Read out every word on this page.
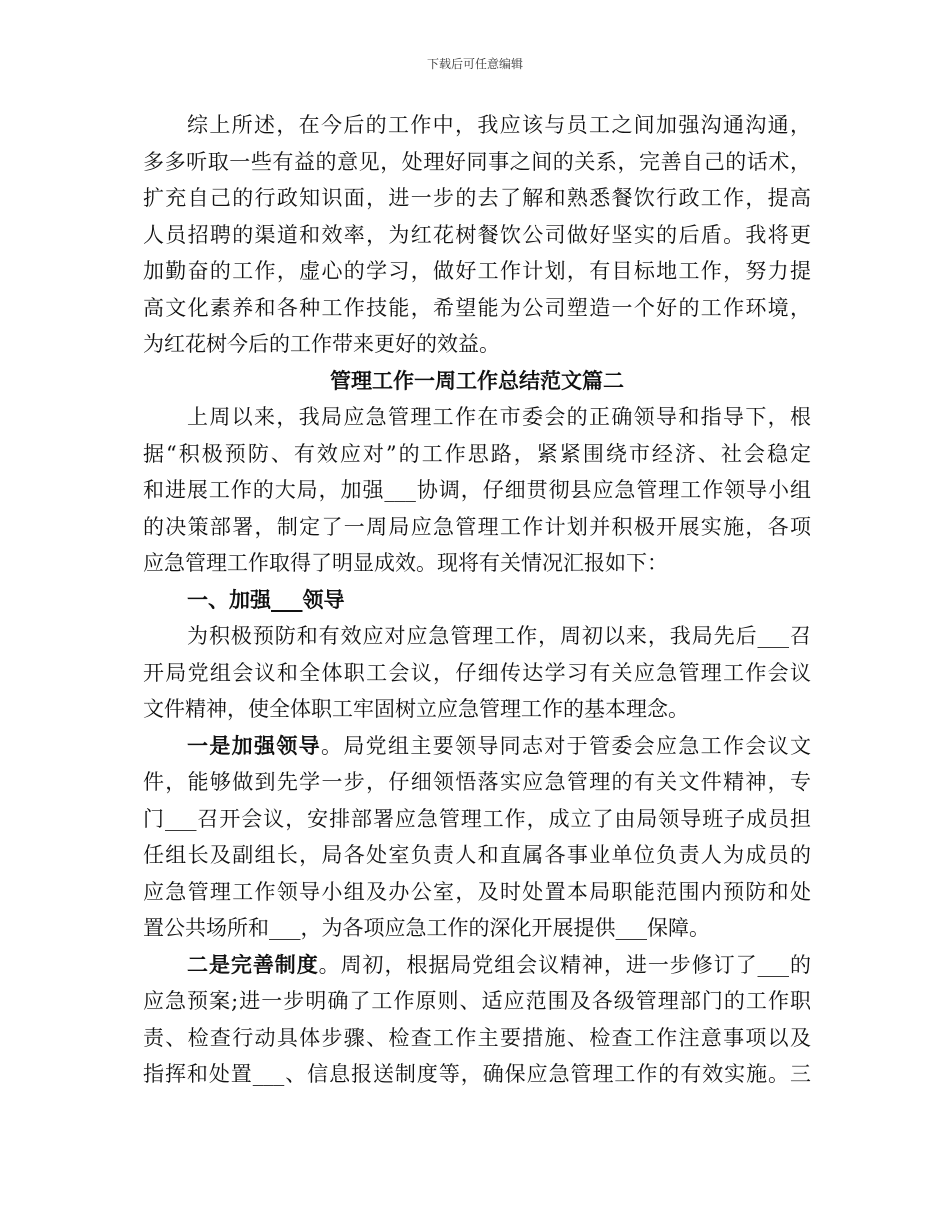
下载后可任意编辑
综上所述，在今后的工作中，我应该与员工之间加强沟通沟通，
多多听取一些有益的意见，处理好同事之间的关系，完善自己的话术，
扩充自己的行政知识面，进一步的去了解和熟悉餐饮行政工作，提高
人员招聘的渠道和效率，为红花树餐饮公司做好坚实的后盾。我将更
加勤奋的工作，虚心的学习，做好工作计划，有目标地工作，努力提
高文化素养和各种工作技能，希望能为公司塑造一个好的工作环境，
为红花树今后的工作带来更好的效益。
管理工作一周工作总结范文篇二
上周以来，我局应急管理工作在市委会的正确领导和指导下，根
据“积极预防、有效应对”的工作思路，紧紧围绕市经济、社会稳定
和进展工作的大局，加强___协调，仔细贯彻县应急管理工作领导小组
的决策部署，制定了一周局应急管理工作计划并积极开展实施，各项
应急管理工作取得了明显成效。现将有关情况汇报如下：
一、加强___领导
为积极预防和有效应对应急管理工作，周初以来，我局先后___召
开局党组会议和全体职工会议，仔细传达学习有关应急管理工作会议
文件精神，使全体职工牢固树立应急管理工作的基本理念。
一是加强领导。局党组主要领导同志对于管委会应急工作会议文
件，能够做到先学一步，仔细领悟落实应急管理的有关文件精神，专
门___召开会议，安排部署应急管理工作，成立了由局领导班子成员担
任组长及副组长，局各处室负责人和直属各事业单位负责人为成员的
应急管理工作领导小组及办公室，及时处置本局职能范围内预防和处
置公共场所和___，为各项应急工作的深化开展提供___保障。
二是完善制度。周初，根据局党组会议精神，进一步修订了___的
应急预案;进一步明确了工作原则、适应范围及各级管理部门的工作职
责、检查行动具体步骤、检查工作主要措施、检查工作注意事项以及
指挥和处置___、信息报送制度等，确保应急管理工作的有效实施。三
